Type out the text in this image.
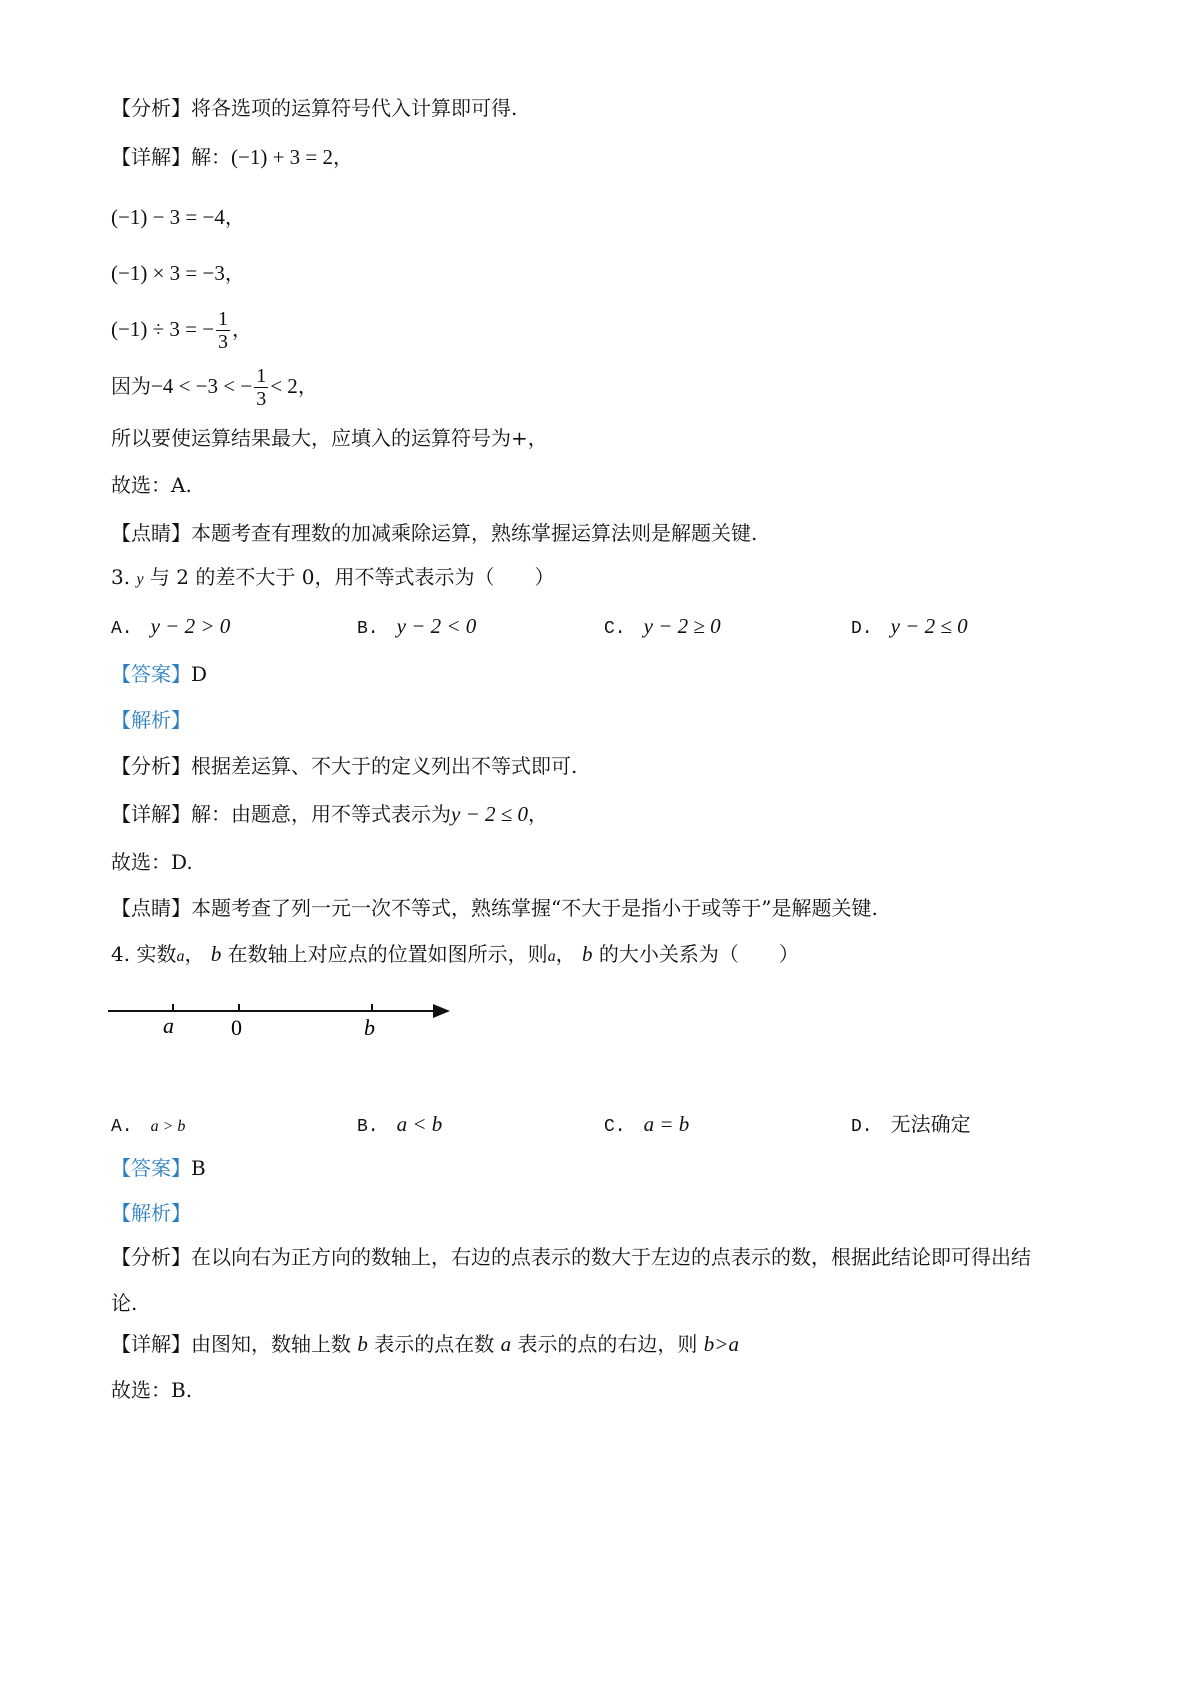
【分析】将各选项的运算符号代入计算即可得.
【详解】解：(−1) + 3 = 2，
(−1) − 3 = −4，
(−1) × 3 = −3，
(−1) ÷ 3 = − $\frac{1}{3}$ ，
因为−4 < −3 < − $\frac{1}{3} < 2$，
所以要使运算结果最大，应填入的运算符号为+，
故选：A.
【点睛】本题考查有理数的加减乘除运算，熟练掌握运算法则是解题关键.
3. y 与 2 的差不大于 0，用不等式表示为（　　）
A. y − 2 > 0	B. y − 2 < 0	C. y − 2 ≥ 0	D. y − 2 ≤ 0
【答案】D
【解析】
【分析】根据差运算、不大于的定义列出不等式即可.
【详解】解：由题意，用不等式表示为y − 2 ≤ 0，
故选：D.
【点睛】本题考查了列一元一次不等式，熟练掌握“不大于是指小于或等于”是解题关键.
4. 实数a， b 在数轴上对应点的位置如图所示，则a， b 的大小关系为（　　）
a	0	b
A. a > b	B. a < b	C. a = b	D. 无法确定
【答案】B
【解析】
【分析】在以向右为正方向的数轴上，右边的点表示的数大于左边的点表示的数，根据此结论即可得出结
论.
【详解】由图知，数轴上数 b 表示的点在数 a 表示的点的右边，则 b>a
故选：B.
